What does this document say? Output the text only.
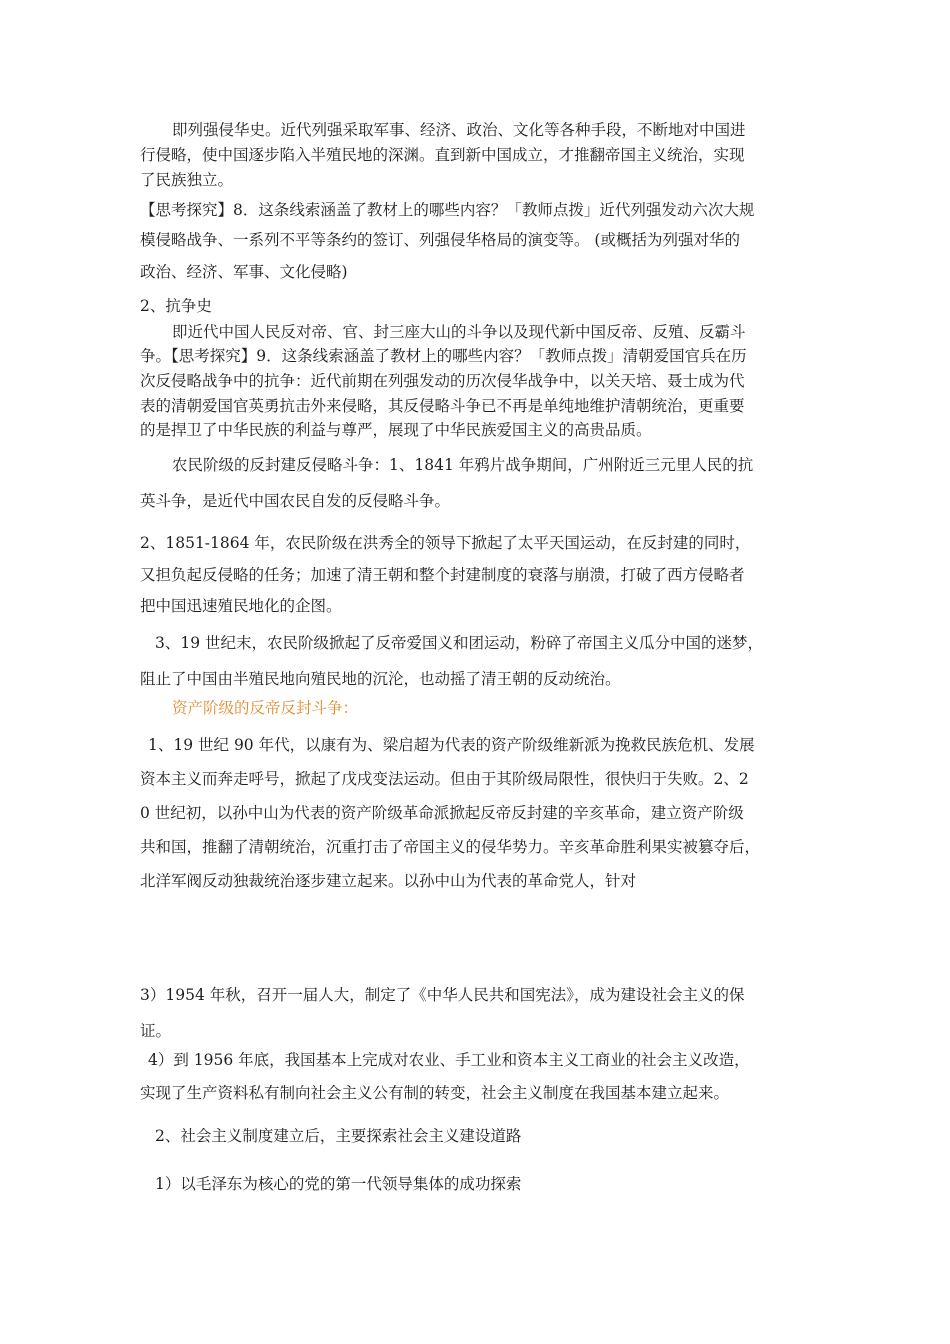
即列强侵华史。近代列强采取军事、经济、政治、文化等各种手段，不断地对中国进
行侵略，使中国逐步陷入半殖民地的深渊。直到新中国成立，才推翻帝国主义统治，实现
了民族独立。
【思考探究】8．这条线索涵盖了教材上的哪些内容？「教师点拨」近代列强发动六次大规
模侵略战争、一系列不平等条约的签订、列强侵华格局的演变等。 (或概括为列强对华的
政治、经济、军事、文化侵略)
2、抗争史
即近代中国人民反对帝、官、封三座大山的斗争以及现代新中国反帝、反殖、反霸斗
争。【思考探究】9．这条线索涵盖了教材上的哪些内容？「教师点拨」清朝爱国官兵在历
次反侵略战争中的抗争：近代前期在列强发动的历次侵华战争中，以关天培、聂士成为代
表的清朝爱国官英勇抗击外来侵略，其反侵略斗争已不再是单纯地维护清朝统治，更重要
的是捍卫了中华民族的利益与尊严，展现了中华民族爱国主义的高贵品质。
农民阶级的反封建反侵略斗争：1、1841 年鸦片战争期间，广州附近三元里人民的抗
英斗争，是近代中国农民自发的反侵略斗争。
2、1851-1864 年，农民阶级在洪秀全的领导下掀起了太平天国运动，在反封建的同时，
又担负起反侵略的任务；加速了清王朝和整个封建制度的衰落与崩溃，打破了西方侵略者
把中国迅速殖民地化的企图。
3、19 世纪末，农民阶级掀起了反帝爱国义和团运动，粉碎了帝国主义瓜分中国的迷梦，
阻止了中国由半殖民地向殖民地的沉沦，也动摇了清王朝的反动统治。
资产阶级的反帝反封斗争：
1、19 世纪 90 年代，以康有为、梁启超为代表的资产阶级维新派为挽救民族危机、发展
资本主义而奔走呼号，掀起了戊戌变法运动。但由于其阶级局限性，很快归于失败。2、2
0 世纪初，以孙中山为代表的资产阶级革命派掀起反帝反封建的辛亥革命，建立资产阶级
共和国，推翻了清朝统治，沉重打击了帝国主义的侵华势力。辛亥革命胜利果实被篡夺后，
北洋军阀反动独裁统治逐步建立起来。以孙中山为代表的革命党人，针对
3）1954 年秋，召开一届人大，制定了《中华人民共和国宪法》，成为建设社会主义的保
证。
4）到 1956 年底，我国基本上完成对农业、手工业和资本主义工商业的社会主义改造，
实现了生产资料私有制向社会主义公有制的转变，社会主义制度在我国基本建立起来。
2、社会主义制度建立后，主要探索社会主义建设道路
1）以毛泽东为核心的党的第一代领导集体的成功探索
